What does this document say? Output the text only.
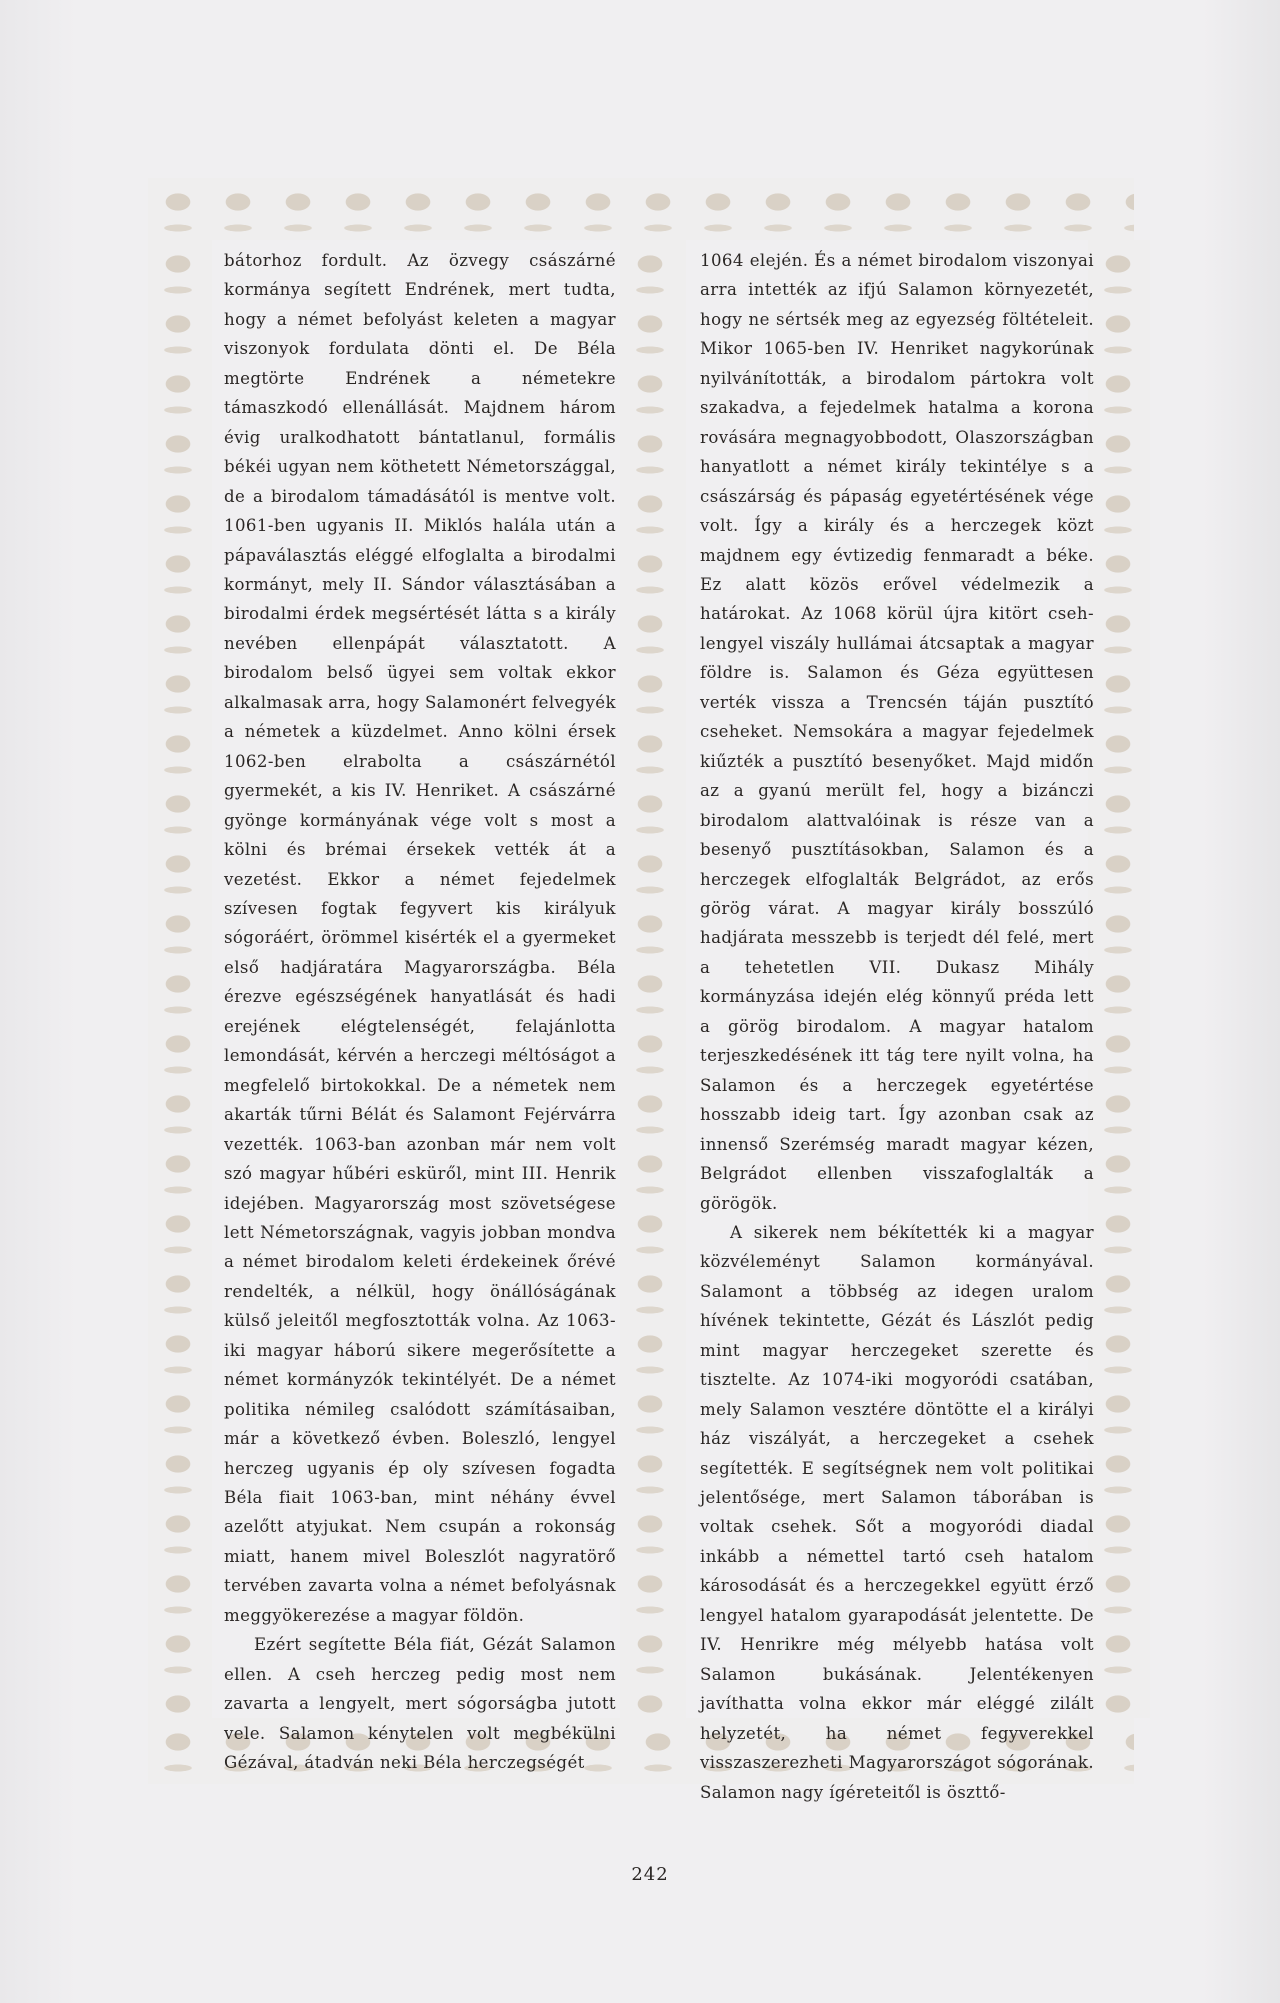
bátorhoz fordult. Az özvegy császárné kormánya segített Endrének, mert tudta, hogy a német befolyást keleten a magyar viszonyok fordulata dönti el. De Béla megtörte Endrének a németekre támaszkodó ellenállását. Majdnem három évig uralkodhatott bántatlanul, formális békéi ugyan nem köthetett Németországgal, de a birodalom támadásától is mentve volt. 1061-ben ugyanis II. Miklós halála után a pápaválasztás eléggé elfoglalta a birodalmi kormányt, mely II. Sándor választásában a birodalmi érdek megsértését látta s a király nevében ellenpápát választatott. A birodalom belső ügyei sem voltak ekkor alkalmasak arra, hogy Salamonért felvegyék a németek a küzdelmet. Anno kölni érsek 1062-ben elrabolta a császárnétól gyermekét, a kis IV. Henriket. A császárné gyönge kormányának vége volt s most a kölni és brémai érsekek vették át a vezetést. Ekkor a német fejedelmek szívesen fogtak fegyvert kis királyuk sógoráért, örömmel kisérték el a gyermeket első hadjáratára Magyarországba. Béla érezve egészségének hanyatlását és hadi erejének elégtelenségét, felajánlotta lemondását, kérvén a herczegi méltóságot a megfelelő birtokokkal. De a németek nem akarták tűrni Bélát és Salamont Fejérvárra vezették. 1063-ban azonban már nem volt szó magyar hűbéri esküről, mint III. Henrik idejében. Magyarország most szövetségese lett Németországnak, vagyis jobban mondva a német birodalom keleti érdekeinek őrévé rendelték, a nélkül, hogy önállóságának külső jeleitől megfosztották volna. Az 1063-iki magyar háború sikere megerősítette a német kormányzók tekintélyét. De a német politika némileg csalódott számításaiban, már a következő évben. Boleszló, lengyel herczeg ugyanis ép oly szívesen fogadta Béla fiait 1063-ban, mint néhány évvel azelőtt atyjukat. Nem csupán a rokonság miatt, hanem mivel Boleszlót nagyratörő tervében zavarta volna a német befolyásnak meggyökerezése a magyar földön.

Ezért segítette Béla fiát, Gézát Salamon ellen. A cseh herczeg pedig most nem zavarta a lengyelt, mert sógorságba jutott vele. Salamon kénytelen volt megbékülni Gézával, átadván neki Béla herczegségét

1064 elején. És a német birodalom viszonyai arra intették az ifjú Salamon környezetét, hogy ne sértsék meg az egyezség föltételeit. Mikor 1065-ben IV. Henriket nagykorúnak nyilvánították, a birodalom pártokra volt szakadva, a fejedelmek hatalma a korona rovására megnagyobbodott, Olaszországban hanyatlott a német király tekintélye s a császárság és pápaság egyetértésének vége volt. Így a király és a herczegek közt majdnem egy évtizedig fenmaradt a béke. Ez alatt közös erővel védelmezik a határokat. Az 1068 körül újra kitört cseh-lengyel viszály hullámai átcsaptak a magyar földre is. Salamon és Géza együttesen verték vissza a Trencsén táján pusztító cseheket. Nemsokára a magyar fejedelmek kiűzték a pusztító besenyőket. Majd midőn az a gyanú merült fel, hogy a bizánczi birodalom alattvalóinak is része van a besenyő pusztításokban, Salamon és a herczegek elfoglalták Belgrádot, az erős görög várat. A magyar király bosszúló hadjárata messzebb is terjedt dél felé, mert a tehetetlen VII. Dukasz Mihály kormányzása idején elég könnyű préda lett a görög birodalom. A magyar hatalom terjeszkedésének itt tág tere nyilt volna, ha Salamon és a herczegek egyetértése hosszabb ideig tart. Így azonban csak az innenső Szerémség maradt magyar kézen, Belgrádot ellenben visszafoglalták a görögök.

A sikerek nem békítették ki a magyar közvéleményt Salamon kormányával. Salamont a többség az idegen uralom hívének tekintette, Gézát és Lászlót pedig mint magyar herczegeket szerette és tisztelte. Az 1074-iki mogyoródi csatában, mely Salamon vesztére döntötte el a királyi ház viszályát, a herczegeket a csehek segítették. E segítségnek nem volt politikai jelentősége, mert Salamon táborában is voltak csehek. Sőt a mogyoródi diadal inkább a némettel tartó cseh hatalom károsodását és a herczegekkel együtt érző lengyel hatalom gyarapodását jelentette. De IV. Henrikre még mélyebb hatása volt Salamon bukásának. Jelentékenyen javíthatta volna ekkor már eléggé zilált helyzetét, ha német fegyverekkel visszaszerezheti Magyarországot sógorának. Salamon nagy ígéreteitől is öszttő-

242
